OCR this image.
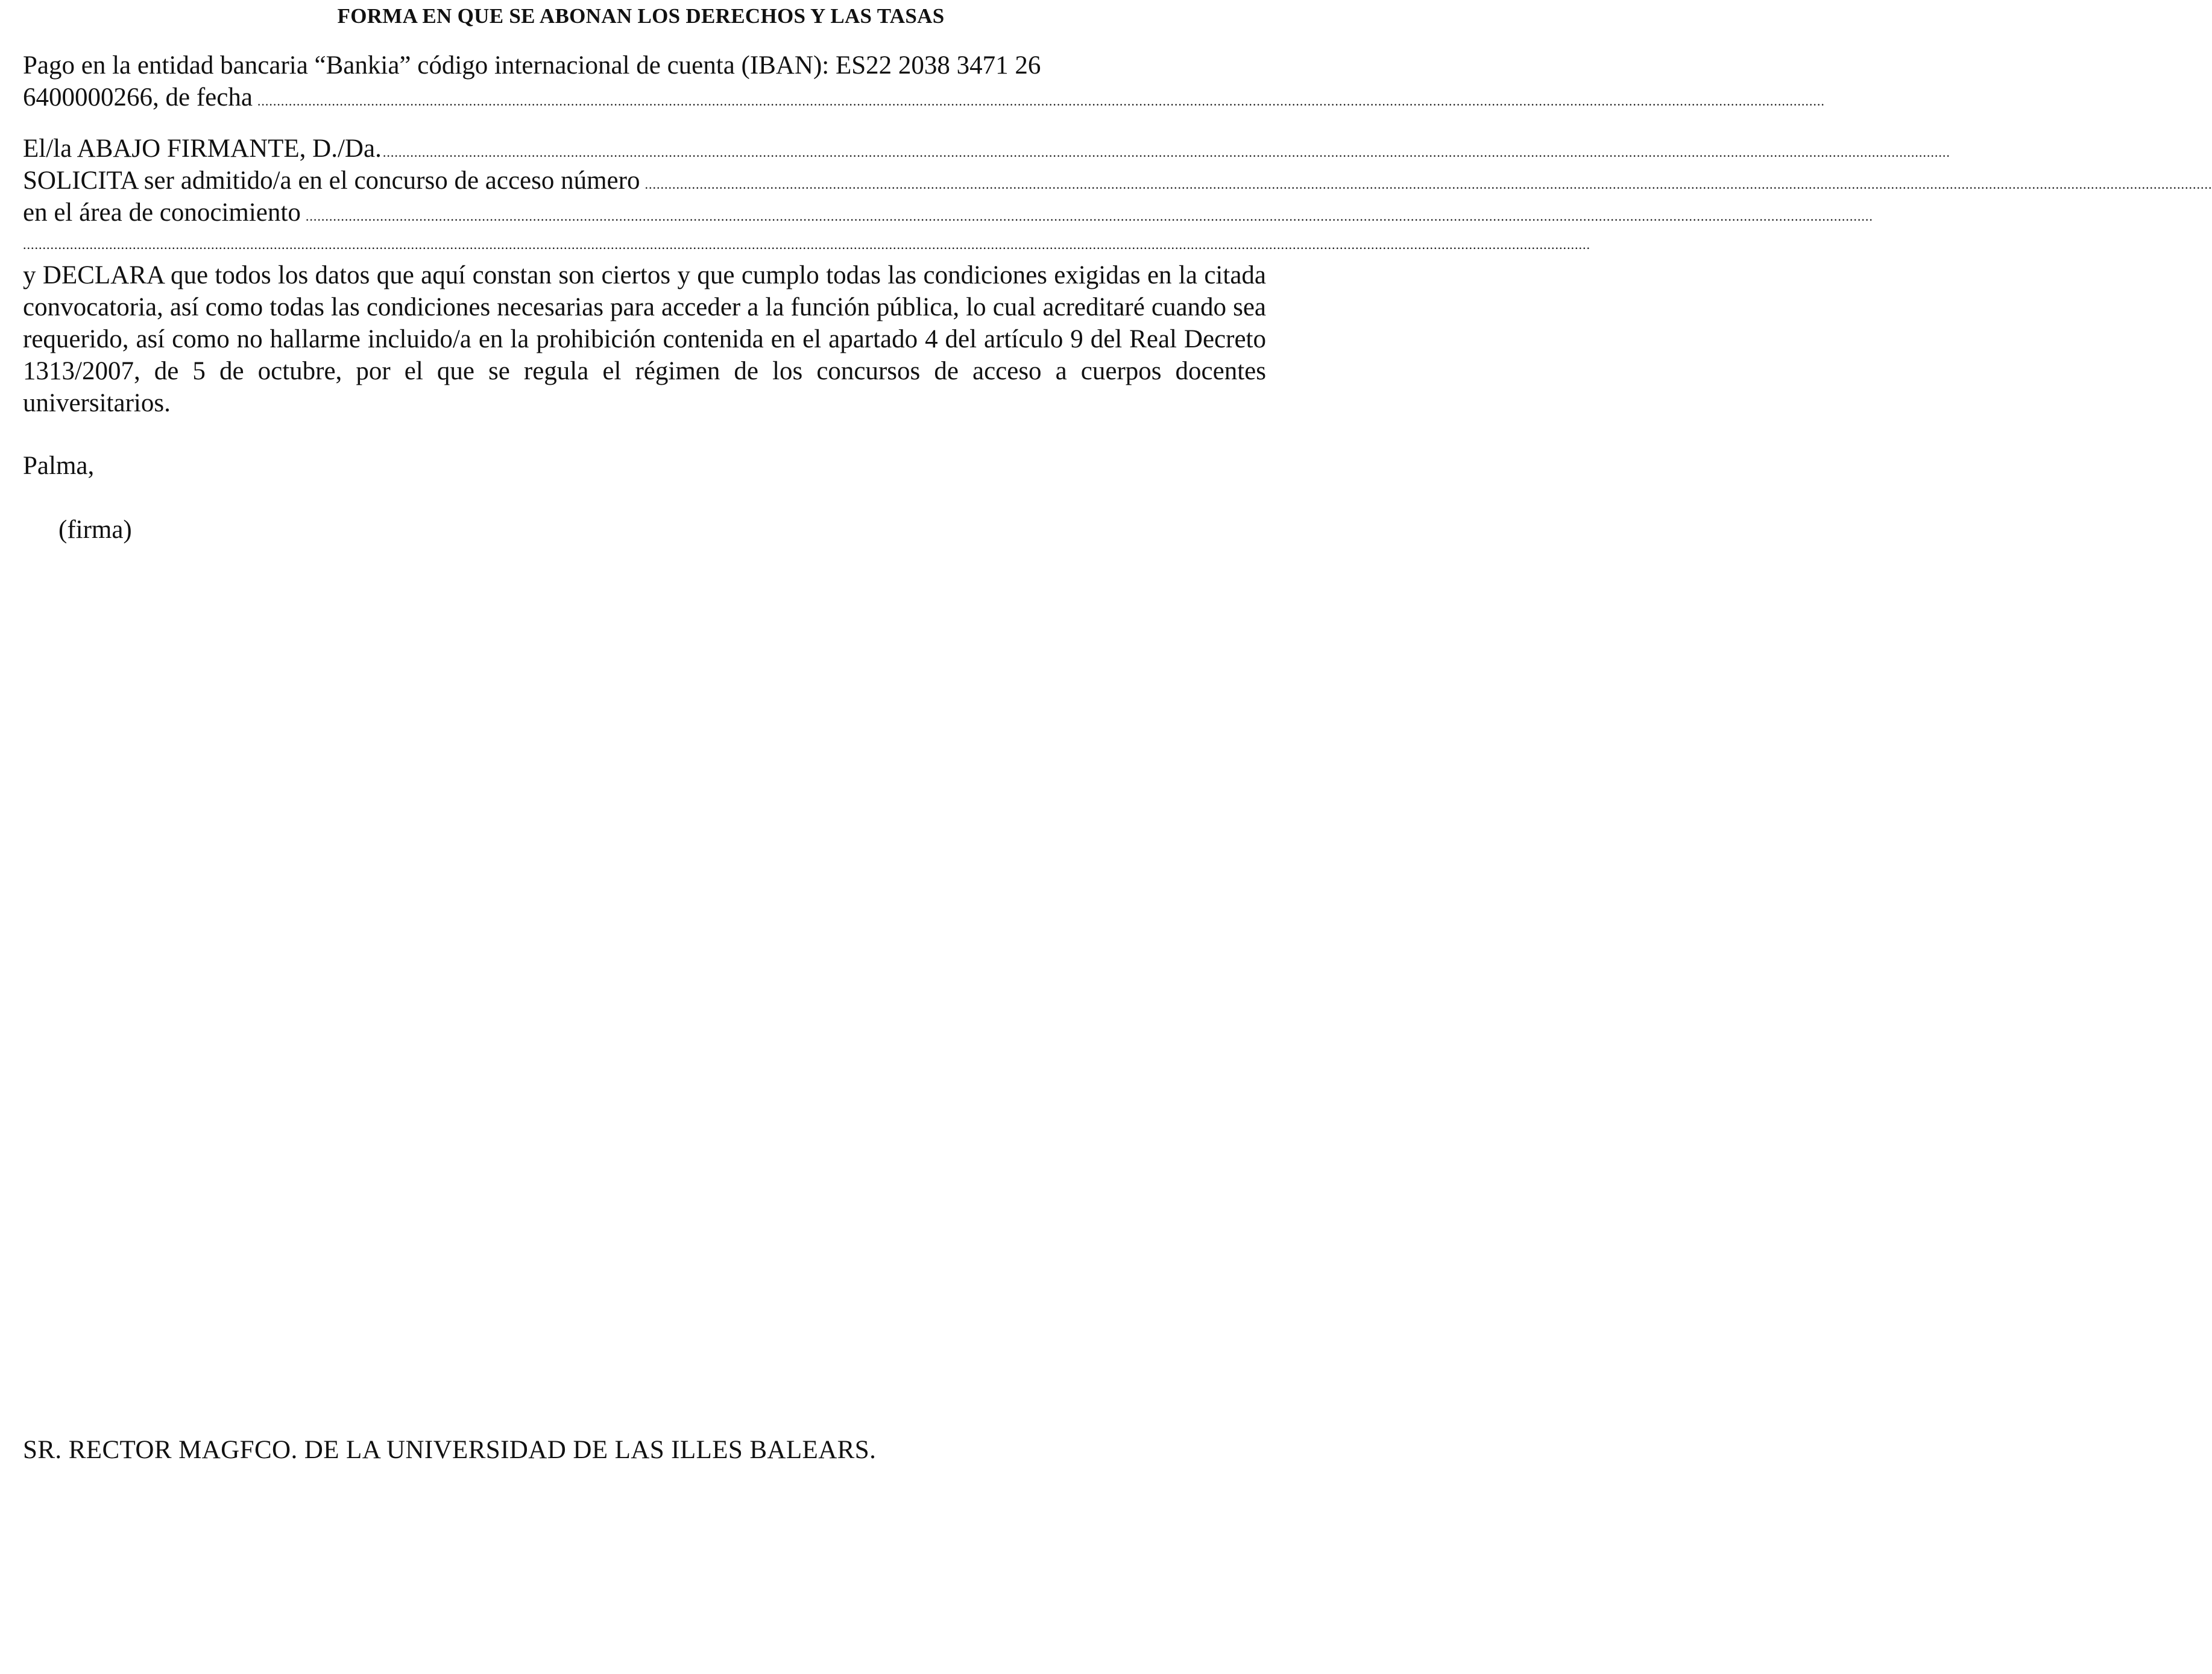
FORMA EN QUE SE ABONAN LOS DERECHOS Y LAS TASAS
Pago en la entidad bancaria “Bankia” código internacional de cuenta (IBAN): ES22 2038 3471 26
6400000266, de fecha ................................................................................................................................................................................................................................................................................................................................................................................................................
El/la ABAJO FIRMANTE, D./Da. ................................................................................................................................................................................................................................................................................................................................................................................................................
SOLICITA ser admitido/a en el concurso de acceso número ................................................................................................................................................................................................................................................................................................................................................................................................................
en el área de conocimiento ................................................................................................................................................................................................................................................................................................................................................................................................................
................................................................................................................................................................................................................................................................................................................................................................................................................
y DECLARA que todos los datos que aquí constan son ciertos y que cumplo todas las condiciones exigidas en la citada convocatoria, así como todas las condiciones necesarias para acceder a la función pública, lo cual acreditaré cuando sea requerido, así como no hallarme incluido/a en la prohibición contenida en el apartado 4 del artículo 9 del Real Decreto 1313/2007, de 5 de octubre, por el que se regula el régimen de los concursos de acceso a cuerpos docentes universitarios.
Palma,
(firma)
SR. RECTOR MAGFCO. DE LA UNIVERSIDAD DE LAS ILLES BALEARS.
